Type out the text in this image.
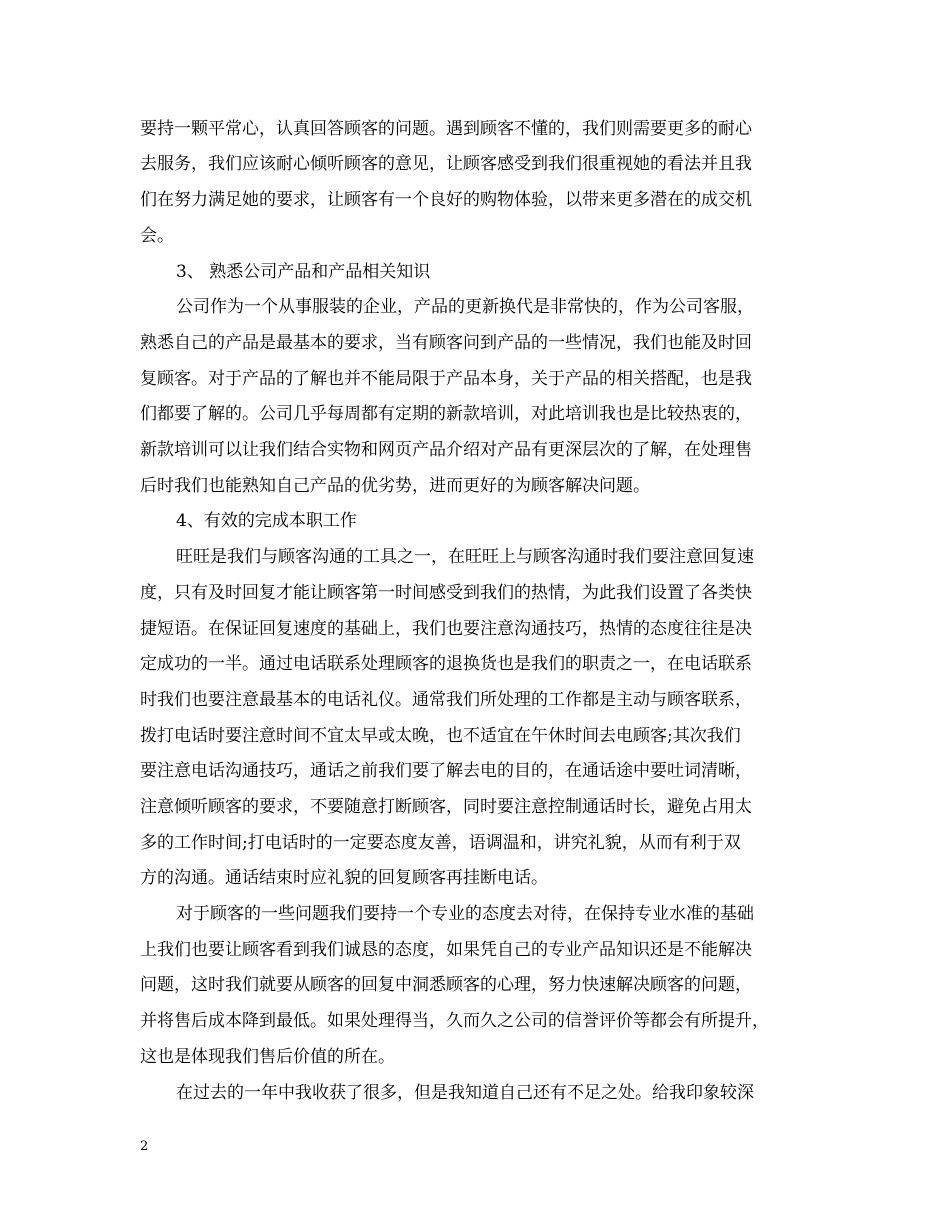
要持一颗平常心，认真回答顾客的问题。遇到顾客不懂的，我们则需要更多的耐心
去服务，我们应该耐心倾听顾客的意见，让顾客感受到我们很重视她的看法并且我
们在努力满足她的要求，让顾客有一个良好的购物体验，以带来更多潜在的成交机
会。
3、 熟悉公司产品和产品相关知识
公司作为一个从事服装的企业，产品的更新换代是非常快的，作为公司客服，
熟悉自己的产品是最基本的要求，当有顾客问到产品的一些情况，我们也能及时回
复顾客。对于产品的了解也并不能局限于产品本身，关于产品的相关搭配，也是我
们都要了解的。公司几乎每周都有定期的新款培训，对此培训我也是比较热衷的，
新款培训可以让我们结合实物和网页产品介绍对产品有更深层次的了解，在处理售
后时我们也能熟知自己产品的优劣势，进而更好的为顾客解决问题。
4、有效的完成本职工作
旺旺是我们与顾客沟通的工具之一，在旺旺上与顾客沟通时我们要注意回复速
度，只有及时回复才能让顾客第一时间感受到我们的热情，为此我们设置了各类快
捷短语。在保证回复速度的基础上，我们也要注意沟通技巧，热情的态度往往是决
定成功的一半。通过电话联系处理顾客的退换货也是我们的职责之一，在电话联系
时我们也要注意最基本的电话礼仪。通常我们所处理的工作都是主动与顾客联系，
拨打电话时要注意时间不宜太早或太晚，也不适宜在午休时间去电顾客;其次我们
要注意电话沟通技巧，通话之前我们要了解去电的目的，在通话途中要吐词清晰，
注意倾听顾客的要求，不要随意打断顾客，同时要注意控制通话时长，避免占用太
多的工作时间;打电话时的一定要态度友善，语调温和，讲究礼貌，从而有利于双
方的沟通。通话结束时应礼貌的回复顾客再挂断电话。
对于顾客的一些问题我们要持一个专业的态度去对待，在保持专业水准的基础
上我们也要让顾客看到我们诚恳的态度，如果凭自己的专业产品知识还是不能解决
问题，这时我们就要从顾客的回复中洞悉顾客的心理，努力快速解决顾客的问题，
并将售后成本降到最低。如果处理得当，久而久之公司的信誉评价等都会有所提升，
这也是体现我们售后价值的所在。
在过去的一年中我收获了很多，但是我知道自己还有不足之处。给我印象较深
2
